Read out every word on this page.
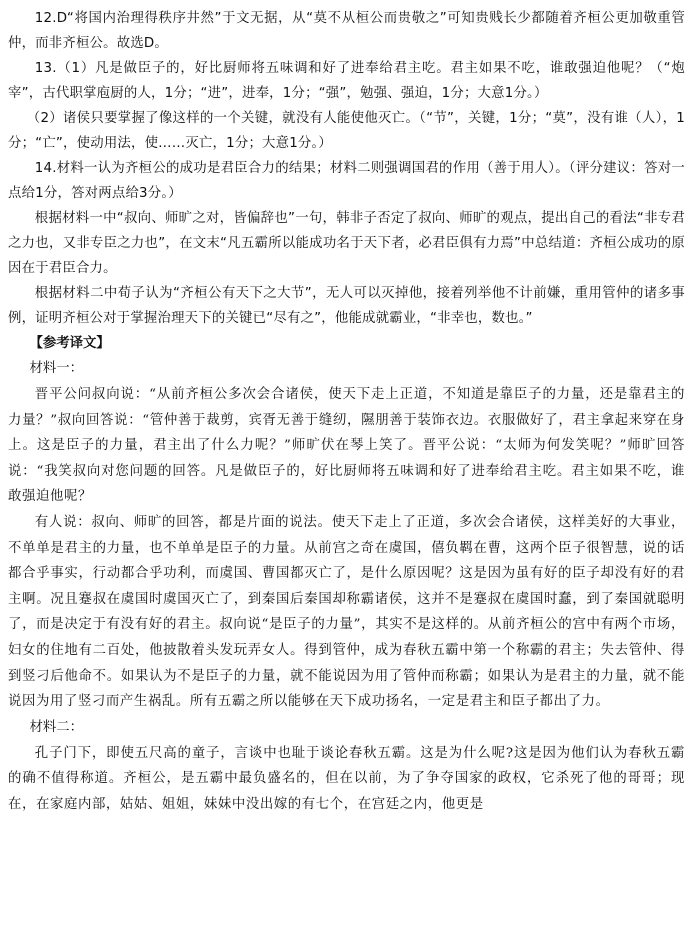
12.D“将国内治理得秩序井然”于文无据，从“莫不从桓公而贵敬之”可知贵贱长少都随着齐桓公更加敬重管仲，而非齐桓公。故选D。

13.（1）凡是做臣子的，好比厨师将五味调和好了进奉给君主吃。君主如果不吃，谁敢强迫他呢？（“炮宰”，古代职掌庖厨的人，1分；“进”，进奉，1分；“强”，勉强、强迫，1分；大意1分。）

（2）诸侯只要掌握了像这样的一个关键，就没有人能使他灭亡。（“节”，关键，1分；“莫”，没有谁（人），1分；“亡”，使动用法，使……灭亡，1分；大意1分。）

14.材料一认为齐桓公的成功是君臣合力的结果；材料二则强调国君的作用（善于用人）。（评分建议：答对一点给1分，答对两点给3分。）

根据材料一中“叔向、师旷之对，皆偏辞也”一句，韩非子否定了叔向、师旷的观点，提出自己的看法“非专君之力也，又非专臣之力也”，在文末“凡五霸所以能成功名于天下者，必君臣俱有力焉”中总结道：齐桓公成功的原因在于君臣合力。

根据材料二中荀子认为“齐桓公有天下之大节”，无人可以灭掉他，接着列举他不计前嫌，重用管仲的诸多事例，证明齐桓公对于掌握治理天下的关键已“尽有之”，他能成就霸业，“非幸也，数也。”

【参考译文】

材料一：

晋平公问叔向说：“从前齐桓公多次会合诸侯，使天下走上正道，不知道是靠臣子的力量，还是靠君主的力量？”叔向回答说：“管仲善于裁剪，宾胥无善于缝纫，隰朋善于装饰衣边。衣服做好了，君主拿起来穿在身上。这是臣子的力量，君主出了什么力呢？”师旷伏在琴上笑了。晋平公说：“太师为何发笑呢？”师旷回答说：“我笑叔向对您问题的回答。凡是做臣子的，好比厨师将五味调和好了进奉给君主吃。君主如果不吃，谁敢强迫他呢？

有人说：叔向、师旷的回答，都是片面的说法。使天下走上了正道，多次会合诸侯，这样美好的大事业，不单单是君主的力量，也不单单是臣子的力量。从前宫之奇在虞国，僖负羁在曹，这两个臣子很智慧，说的话都合乎事实，行动都合乎功利，而虞国、曹国都灭亡了，是什么原因呢？这是因为虽有好的臣子却没有好的君主啊。况且蹇叔在虞国时虞国灭亡了，到秦国后秦国却称霸诸侯，这并不是蹇叔在虞国时蠢，到了秦国就聪明了，而是决定于有没有好的君主。叔向说“是臣子的力量”，其实不是这样的。从前齐桓公的宫中有两个市场，妇女的住地有二百处，他披散着头发玩弄女人。得到管仲，成为春秋五霸中第一个称霸的君主；失去管仲、得到竖刁后他命不。如果认为不是臣子的力量，就不能说因为用了管仲而称霸；如果认为是君主的力量，就不能说因为用了竖刁而产生祸乱。所有五霸之所以能够在天下成功扬名，一定是君主和臣子都出了力。

材料二：

孔子门下，即使五尺高的童子，言谈中也耻于谈论春秋五霸。这是为什么呢?这是因为他们认为春秋五霸的确不值得称道。齐桓公，是五霸中最负盛名的，但在以前，为了争夺国家的政权，它杀死了他的哥哥；现在，在家庭内部，姑姑、姐姐，妹妹中没出嫁的有七个，在宫廷之内，他更是
